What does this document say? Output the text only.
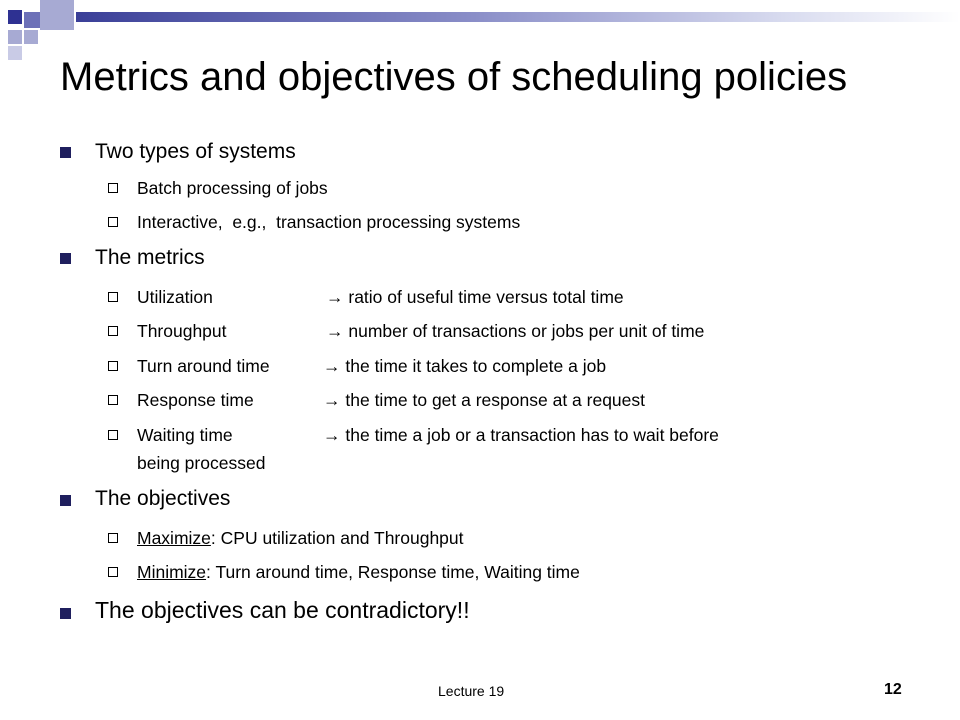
Metrics and objectives of scheduling policies
Two types of systems
Batch processing of jobs
Interactive,  e.g.,  transaction processing systems
The metrics
Utilization	→ ratio of useful time versus total time
Throughput	→ number of transactions or jobs per unit of time
Turn around time	→ the time it takes to complete a job
Response time	→ the time to get a response at a request
Waiting time	→ the time a job or a transaction has to wait before
being processed
The objectives
Maximize: CPU utilization and Throughput
Minimize: Turn around time, Response time, Waiting time
The objectives can be contradictory!!
Lecture 19	12
